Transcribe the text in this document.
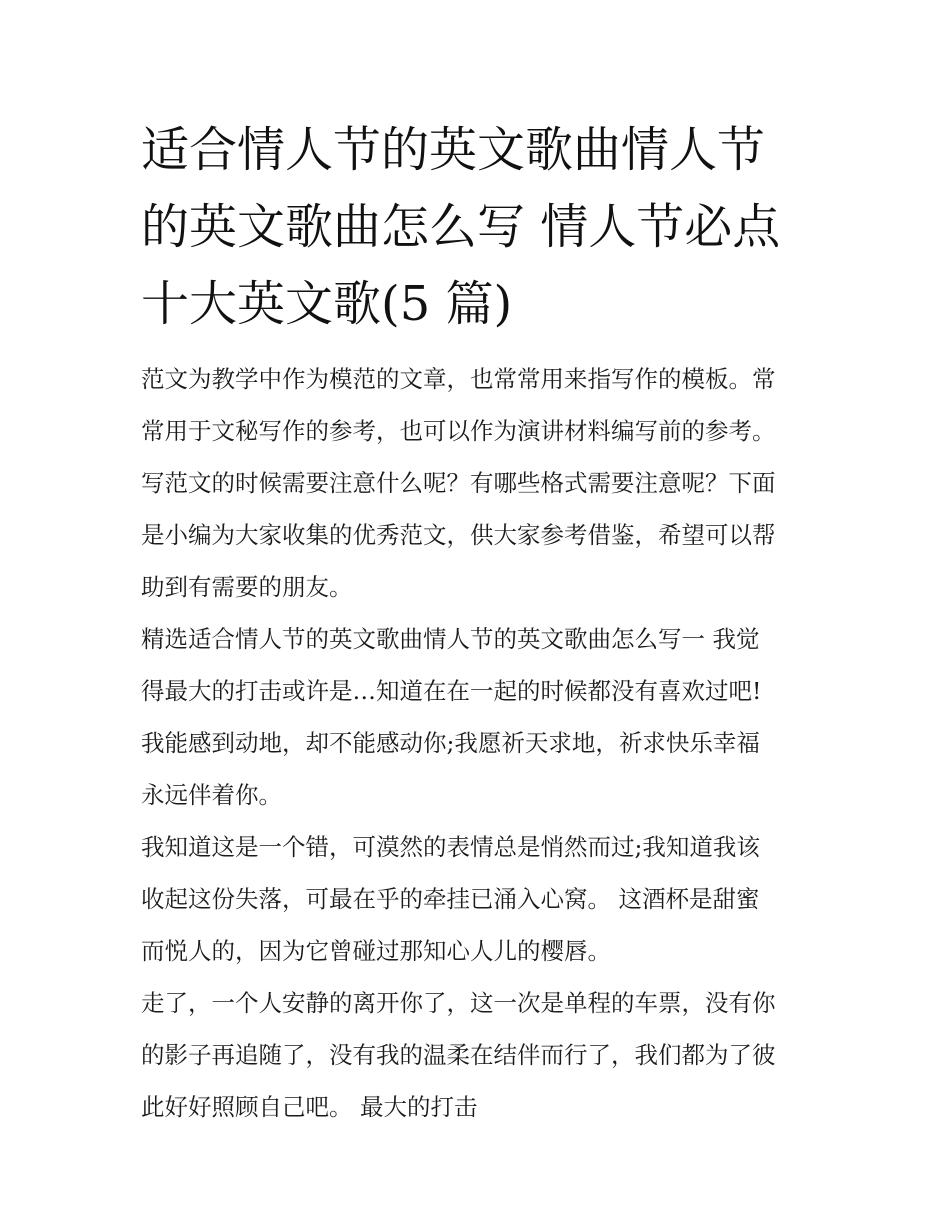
适合情人节的英文歌曲情人节
的英文歌曲怎么写 情人节必点
十大英文歌(5 篇)

范文为教学中作为模范的文章，也常常用来指写作的模板。常
常用于文秘写作的参考，也可以作为演讲材料编写前的参考。
写范文的时候需要注意什么呢？有哪些格式需要注意呢？下面
是小编为大家收集的优秀范文，供大家参考借鉴，希望可以帮
助到有需要的朋友。

精选适合情人节的英文歌曲情人节的英文歌曲怎么写一 我觉
得最大的打击或许是…知道在在一起的时候都没有喜欢过吧!
我能感到动地，却不能感动你;我愿祈天求地，祈求快乐幸福
永远伴着你。

我知道这是一个错，可漠然的表情总是悄然而过;我知道我该
收起这份失落，可最在乎的牵挂已涌入心窝。 这酒杯是甜蜜
而悦人的，因为它曾碰过那知心人儿的樱唇。

走了，一个人安静的离开你了，这一次是单程的车票，没有你
的影子再追随了，没有我的温柔在结伴而行了，我们都为了彼
此好好照顾自己吧。 最大的打击
